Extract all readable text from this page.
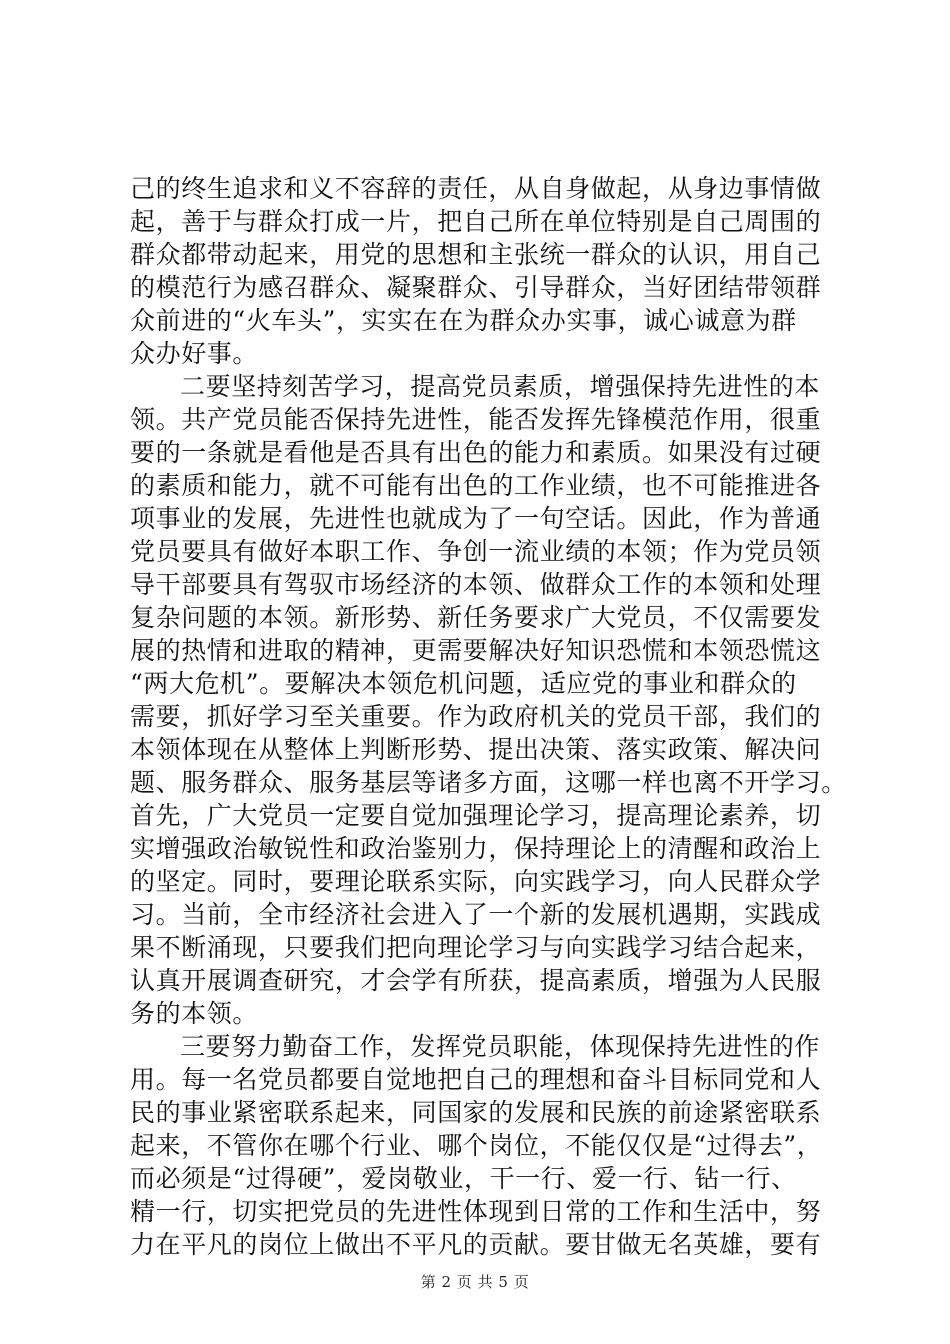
己的终生追求和义不容辞的责任，从自身做起，从身边事情做
起，善于与群众打成一片，把自己所在单位特别是自己周围的
群众都带动起来，用党的思想和主张统一群众的认识，用自己
的模范行为感召群众、凝聚群众、引导群众，当好团结带领群
众前进的“火车头”，实实在在为群众办实事，诚心诚意为群
众办好事。
二要坚持刻苦学习，提高党员素质，增强保持先进性的本
领。共产党员能否保持先进性，能否发挥先锋模范作用，很重
要的一条就是看他是否具有出色的能力和素质。如果没有过硬
的素质和能力，就不可能有出色的工作业绩，也不可能推进各
项事业的发展，先进性也就成为了一句空话。因此，作为普通
党员要具有做好本职工作、争创一流业绩的本领；作为党员领
导干部要具有驾驭市场经济的本领、做群众工作的本领和处理
复杂问题的本领。新形势、新任务要求广大党员，不仅需要发
展的热情和进取的精神，更需要解决好知识恐慌和本领恐慌这
“两大危机”。要解决本领危机问题，适应党的事业和群众的
需要，抓好学习至关重要。作为政府机关的党员干部，我们的
本领体现在从整体上判断形势、提出决策、落实政策、解决问
题、服务群众、服务基层等诸多方面，这哪一样也离不开学习。
首先，广大党员一定要自觉加强理论学习，提高理论素养，切
实增强政治敏锐性和政治鉴别力，保持理论上的清醒和政治上
的坚定。同时，要理论联系实际，向实践学习，向人民群众学
习。当前，全市经济社会进入了一个新的发展机遇期，实践成
果不断涌现，只要我们把向理论学习与向实践学习结合起来，
认真开展调查研究，才会学有所获，提高素质，增强为人民服
务的本领。
三要努力勤奋工作，发挥党员职能，体现保持先进性的作
用。每一名党员都要自觉地把自己的理想和奋斗目标同党和人
民的事业紧密联系起来，同国家的发展和民族的前途紧密联系
起来，不管你在哪个行业、哪个岗位，不能仅仅是“过得去”，
而必须是“过得硬”，爱岗敬业，干一行、爱一行、钻一行、
精一行，切实把党员的先进性体现到日常的工作和生活中，努
力在平凡的岗位上做出不平凡的贡献。要甘做无名英雄，要有
第 2 页 共 5 页
